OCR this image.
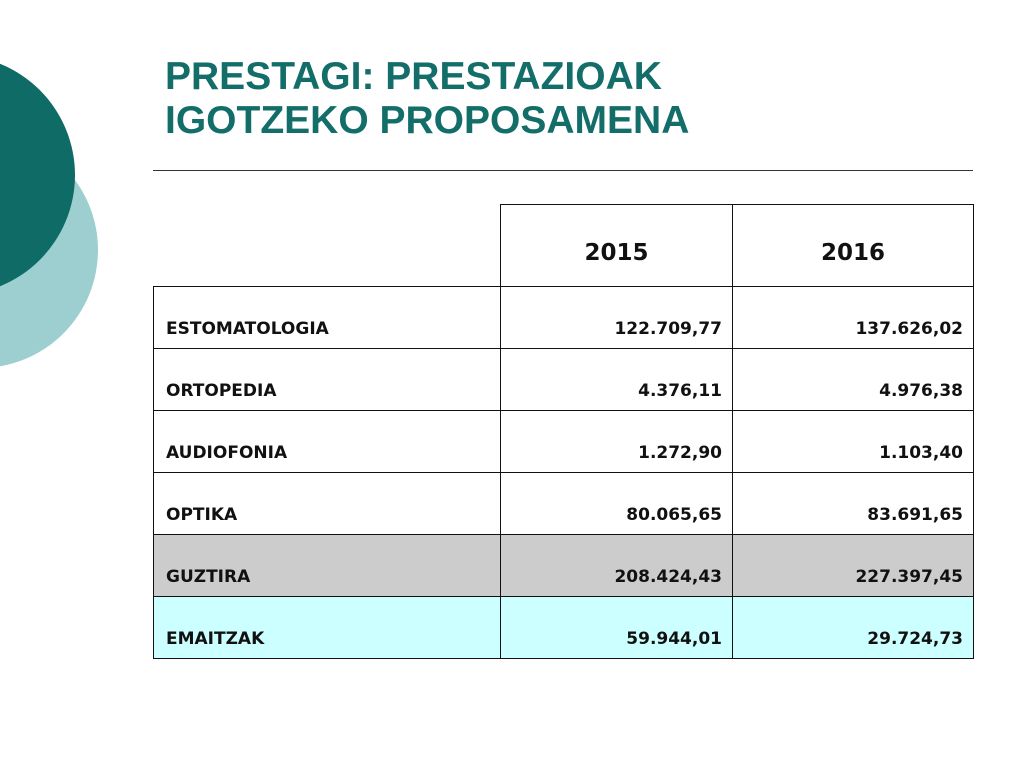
PRESTAGI: PRESTAZIOAK
IGOTZEKO PROPOSAMENA
	2015	2016
ESTOMATOLOGIA	122.709,77	137.626,02
ORTOPEDIA	4.376,11	4.976,38
AUDIOFONIA	1.272,90	1.103,40
OPTIKA	80.065,65	83.691,65
GUZTIRA	208.424,43	227.397,45
EMAITZAK	59.944,01	29.724,73
